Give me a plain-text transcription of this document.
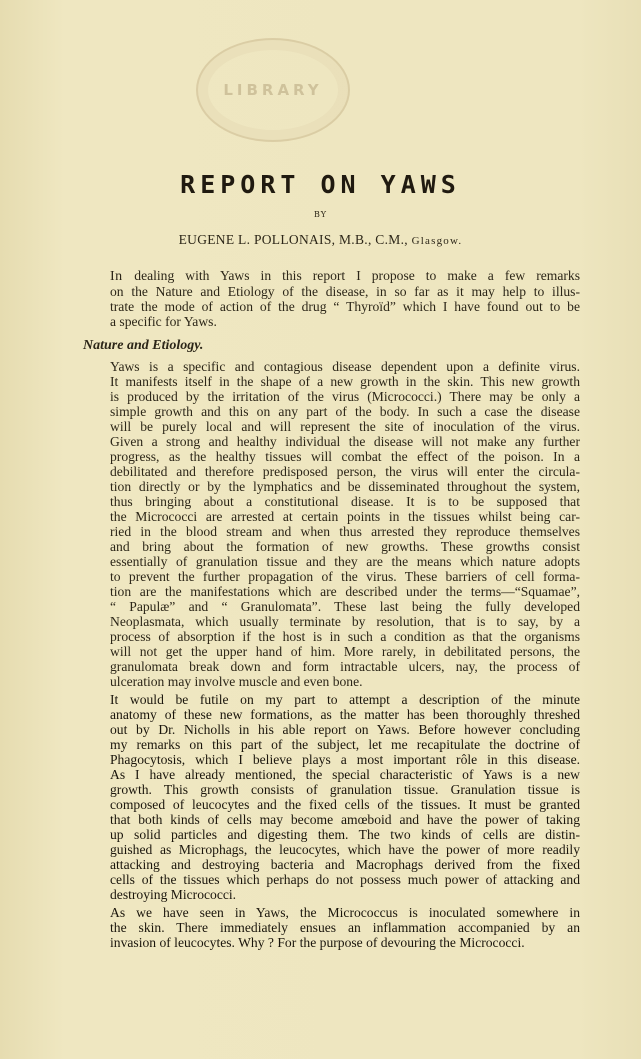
LIBRARY
REPORT ON YAWS

BY

EUGENE L. POLLONAIS, M.B., C.M., Glasgow.

In dealing with Yaws in this report I propose to make a few remarks
on the Nature and Etiology of the disease, in so far as it may help to illus-
trate the mode of action of the drug “ Thyroïd” which I have found out to be
a specific for Yaws.

Nature and Etiology.

Yaws is a specific and contagious disease dependent upon a definite virus.
It manifests itself in the shape of a new growth in the skin. This new growth
is produced by the irritation of the virus (Micrococci.) There may be only a
simple growth and this on any part of the body. In such a case the disease
will be purely local and will represent the site of inoculation of the virus.
Given a strong and healthy individual the disease will not make any further
progress, as the healthy tissues will combat the effect of the poison. In a
debilitated and therefore predisposed person, the virus will enter the circula-
tion directly or by the lymphatics and be disseminated throughout the system,
thus bringing about a constitutional disease. It is to be supposed that
the Micrococci are arrested at certain points in the tissues whilst being car-
ried in the blood stream and when thus arrested they reproduce themselves
and bring about the formation of new growths. These growths consist
essentially of granulation tissue and they are the means which nature adopts
to prevent the further propagation of the virus. These barriers of cell forma-
tion are the manifestations which are described under the terms—“Squamae”,
“ Papulæ” and “ Granulomata”. These last being the fully developed
Neoplasmata, which usually terminate by resolution, that is to say, by a
process of absorption if the host is in such a condition as that the organisms
will not get the upper hand of him. More rarely, in debilitated persons, the
granulomata break down and form intractable ulcers, nay, the process of
ulceration may involve muscle and even bone.

It would be futile on my part to attempt a description of the minute
anatomy of these new formations, as the matter has been thoroughly threshed
out by Dr. Nicholls in his able report on Yaws. Before however concluding
my remarks on this part of the subject, let me recapitulate the doctrine of
Phagocytosis, which I believe plays a most important rôle in this disease.
As I have already mentioned, the special characteristic of Yaws is a new
growth. This growth consists of granulation tissue. Granulation tissue is
composed of leucocytes and the fixed cells of the tissues. It must be granted
that both kinds of cells may become amœboid and have the power of taking
up solid particles and digesting them. The two kinds of cells are distin-
guished as Microphags, the leucocytes, which have the power of more readily
attacking and destroying bacteria and Macrophags derived from the fixed
cells of the tissues which perhaps do not possess much power of attacking and
destroying Micrococci.

As we have seen in Yaws, the Micrococcus is inoculated somewhere in
the skin. There immediately ensues an inflammation accompanied by an
invasion of leucocytes. Why ? For the purpose of devouring the Micrococci.
